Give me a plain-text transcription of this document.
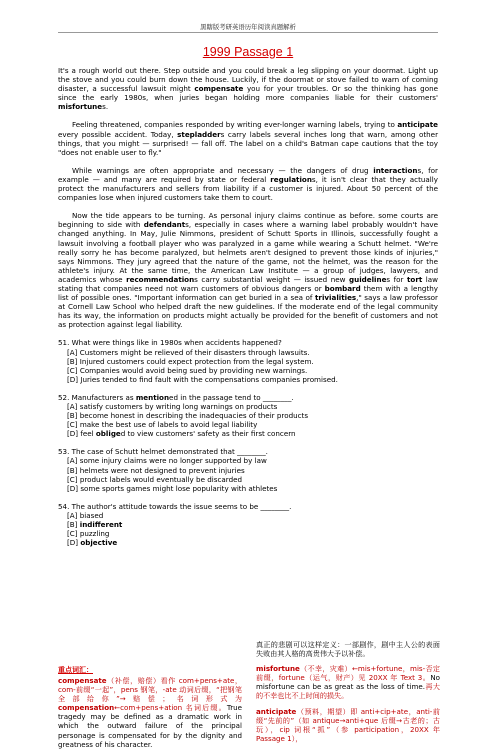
黑瞎版考研英语历年阅读真题解析
1999 Passage 1

It's a rough world out there. Step outside and you could break a leg slipping on your doormat. Light up the stove and you could burn down the house. Luckily, if the doormat or stove failed to warn of coming disaster, a successful lawsuit might compensate you for your troubles. Or so the thinking has gone since the early 1980s, when juries began holding more companies liable for their customers' misfortunes.

Feeling threatened, companies responded by writing ever-longer warning labels, trying to anticipate every possible accident. Today, stepladders carry labels several inches long that warn, among other things, that you might — surprised! — fall off. The label on a child's Batman cape cautions that the toy "does not enable user to fly."

While warnings are often appropriate and necessary — the dangers of drug interactions, for example — and many are required by state or federal regulations, it isn't clear that they actually protect the manufacturers and sellers from liability if a customer is injured. About 50 percent of the companies lose when injured customers take them to court.

Now the tide appears to be turning. As personal injury claims continue as before. some courts are beginning to side with defendants, especially in cases where a warning label probably wouldn't have changed anything. In May, Julie Nimmons, president of Schutt Sports in Illinois, successfully fought a lawsuit involving a football player who was paralyzed in a game while wearing a Schutt helmet. "We're really sorry he has become paralyzed, but helmets aren't designed to prevent those kinds of injuries," says Nimmons. They jury agreed that the nature of the game, not the helmet, was the reason for the athlete's injury. At the same time, the American Law Institute — a group of judges, lawyers, and academics whose recommendations carry substantial weight — issued new guidelines for tort law stating that companies need not warn customers of obvious dangers or bombard them with a lengthy list of possible ones. "Important information can get buried in a sea of trivialities," says a law professor at Cornell Law School who helped draft the new guidelines. If the moderate end of the legal community has its way, the information on products might actually be provided for the benefit of customers and not as protection against legal liability.

51. What were things like in 1980s when accidents happened?
[A] Customers might be relieved of their disasters through lawsuits.
[B] Injured customers could expect protection from the legal system.
[C] Companies would avoid being sued by providing new warnings.
[D] Juries tended to find fault with the compensations companies promised.
52. Manufacturers as mentioned in the passage tend to ________.
[A] satisfy customers by writing long warnings on products
[B] become honest in describing the inadequacies of their products
[C] make the best use of labels to avoid legal liability
[D] feel obliged to view customers' safety as their first concern
53. The case of Schutt helmet demonstrated that ________.
[A] some injury claims were no longer supported by law
[B] helmets were not designed to prevent injuries
[C] product labels would eventually be discarded
[D] some sports games might lose popularity with athletes
54. The author's attitude towards the issue seems to be ________.
[A] biased
[B] indifferent
[C] puzzling
[D] objective
重点词汇：

compensate（补偿，赔偿）看作 com+pens+ate，com-前缀“一起”，pens 钢笔，-ate 动词后缀，“把钢笔全部给你”→赔偿；名词形式为 compensation←com+pens+ation 名词后缀。True tragedy may be defined as a dramatic work in which the outward failure of the principal personage is compensated for by the dignity and greatness of his character.

真正的悲剧可以这样定义：一部剧作，剧中主人公的表面失败由其人格的高贵伟大予以补偿。

misfortune（不幸，灾难）←mis+fortune，mis-否定前缀，fortune（运气，财产）见 20XX 年 Text 3。No misfortune can be as great as the loss of time.再大的不幸也比不上时间的损失。

anticipate（预料，期望）即 anti+cip+ate，anti-前缀“先前的”（如 antique→anti+que 后缀→古老的；古玩），cip 词根“抓”（参 participation，20XX 年 Passage 1），
